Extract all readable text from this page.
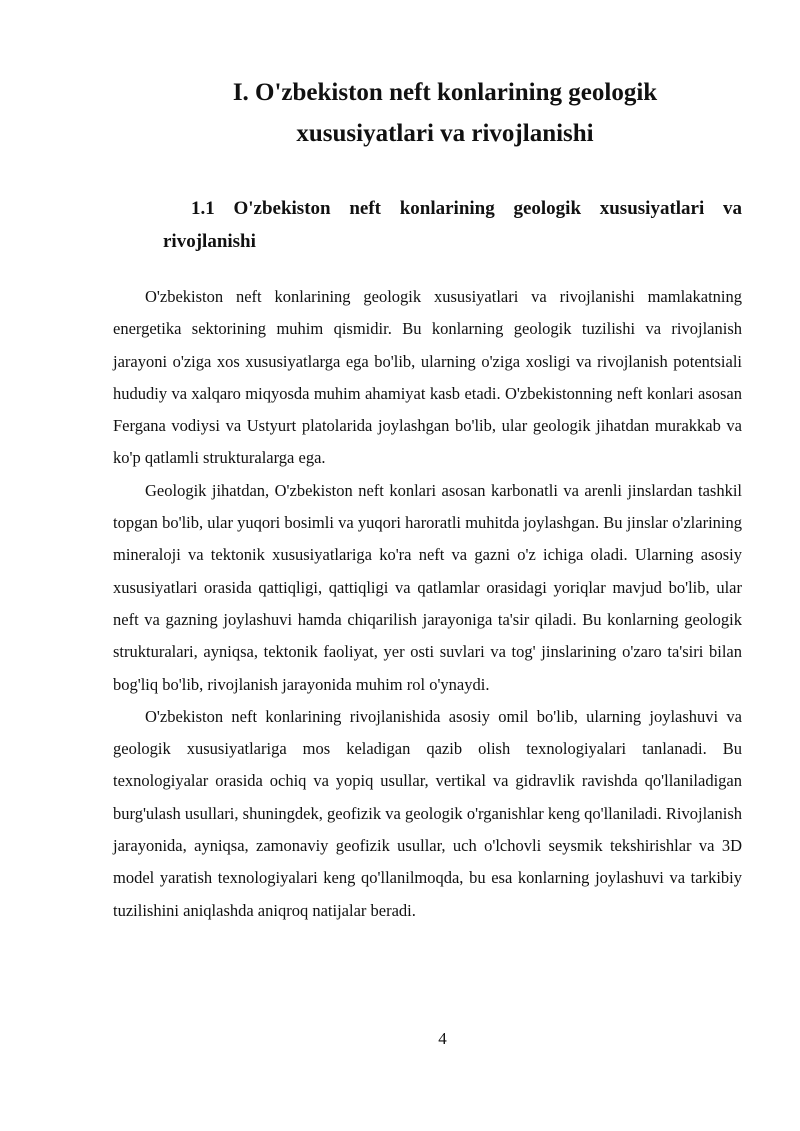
I. O'zbekiston neft konlarining geologik
xususiyatlari va rivojlanishi
1.1 O'zbekiston neft konlarining geologik xususiyatlari va rivojlanishi

O'zbekiston neft konlarining geologik xususiyatlari va rivojlanishi mamlakatning energetika sektorining muhim qismidir. Bu konlarning geologik tuzilishi va rivojlanish jarayoni o'ziga xos xususiyatlarga ega bo'lib, ularning o'ziga xosligi va rivojlanish potentsiali hududiy va xalqaro miqyosda muhim ahamiyat kasb etadi. O'zbekistonning neft konlari asosan Fergana vodiysi va Ustyurt platolarida joylashgan bo'lib, ular geologik jihatdan murakkab va ko'p qatlamli strukturalarga ega.

Geologik jihatdan, O'zbekiston neft konlari asosan karbonatli va arenli jinslardan tashkil topgan bo'lib, ular yuqori bosimli va yuqori haroratli muhitda joylashgan. Bu jinslar o'zlarining mineraloji va tektonik xususiyatlariga ko'ra neft va gazni o'z ichiga oladi. Ularning asosiy xususiyatlari orasida qattiqligi, qattiqligi va qatlamlar orasidagi yoriqlar mavjud bo'lib, ular neft va gazning joylashuvi hamda chiqarilish jarayoniga ta'sir qiladi. Bu konlarning geologik strukturalari, ayniqsa, tektonik faoliyat, yer osti suvlari va tog' jinslarining o'zaro ta'siri bilan bog'liq bo'lib, rivojlanish jarayonida muhim rol o'ynaydi.

O'zbekiston neft konlarining rivojlanishida asosiy omil bo'lib, ularning joylashuvi va geologik xususiyatlariga mos keladigan qazib olish texnologiyalari tanlanadi. Bu texnologiyalar orasida ochiq va yopiq usullar, vertikal va gidravlik ravishda qo'llaniladigan burg'ulash usullari, shuningdek, geofizik va geologik o'rganishlar keng qo'llaniladi. Rivojlanish jarayonida, ayniqsa, zamonaviy geofizik usullar, uch o'lchovli seysmik tekshirishlar va 3D model yaratish texnologiyalari keng qo'llanilmoqda, bu esa konlarning joylashuvi va tarkibiy tuzilishini aniqlashda aniqroq natijalar beradi.

4
